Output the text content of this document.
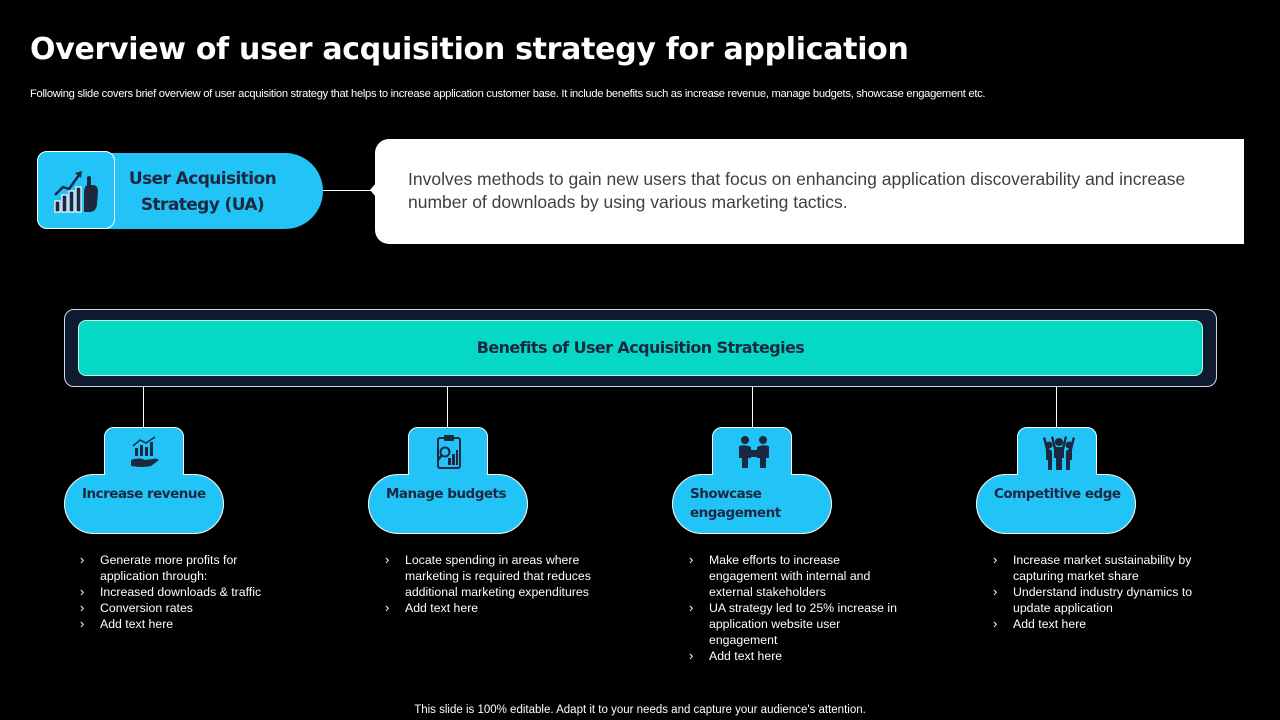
Overview of user acquisition strategy for application
Following slide covers brief overview of user acquisition strategy that helps to increase application customer base. It include benefits such as increase revenue, manage budgets, showcase engagement etc.
User Acquisition Strategy (UA)
Involves methods to gain new users that focus on enhancing application discoverability and increase number of downloads by using various marketing tactics.
Benefits of User Acquisition Strategies
Increase revenue
› Generate more profits for application through:
› Increased downloads & traffic
› Conversion rates
› Add text here
Manage budgets
› Locate spending in areas where marketing is required that reduces additional marketing expenditures
› Add text here
Showcase engagement
› Make efforts to increase engagement with internal and external stakeholders
› UA strategy led to 25% increase in application website user engagement
› Add text here
Competitive edge
› Increase market sustainability by capturing market share
› Understand industry dynamics to update application
› Add text here
This slide is 100% editable. Adapt it to your needs and capture your audience's attention.
